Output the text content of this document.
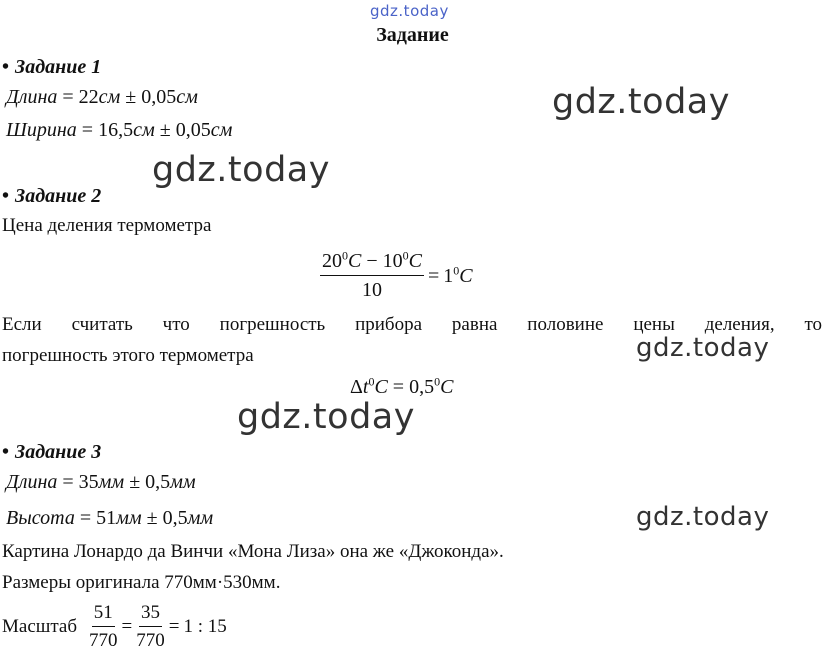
gdz.today
gdz.today
gdz.today
gdz.today
gdz.today
gdz.today
Задание
• Задание 1
Длина = 22см ± 0,05см
Ширина = 16,5см ± 0,05см
• Задание 2
Цена деления термометра
$\frac{20^0C - 10^0C}{10} = 1^0C$
Если считать что погрешность прибора равна половине цены деления, то
погрешность этого термометра
$\Delta t^0C = 0,5^0C$
• Задание 3
Длина = 35мм ± 0,5мм
Высота = 51мм ± 0,5мм
Картина Лонардо да Винчи «Мона Лиза» она же «Джоконда».
Размеры оригинала 770мм·530мм.
Масштаб $\frac{51}{770} = \frac{35}{770} = 1$ : 15
